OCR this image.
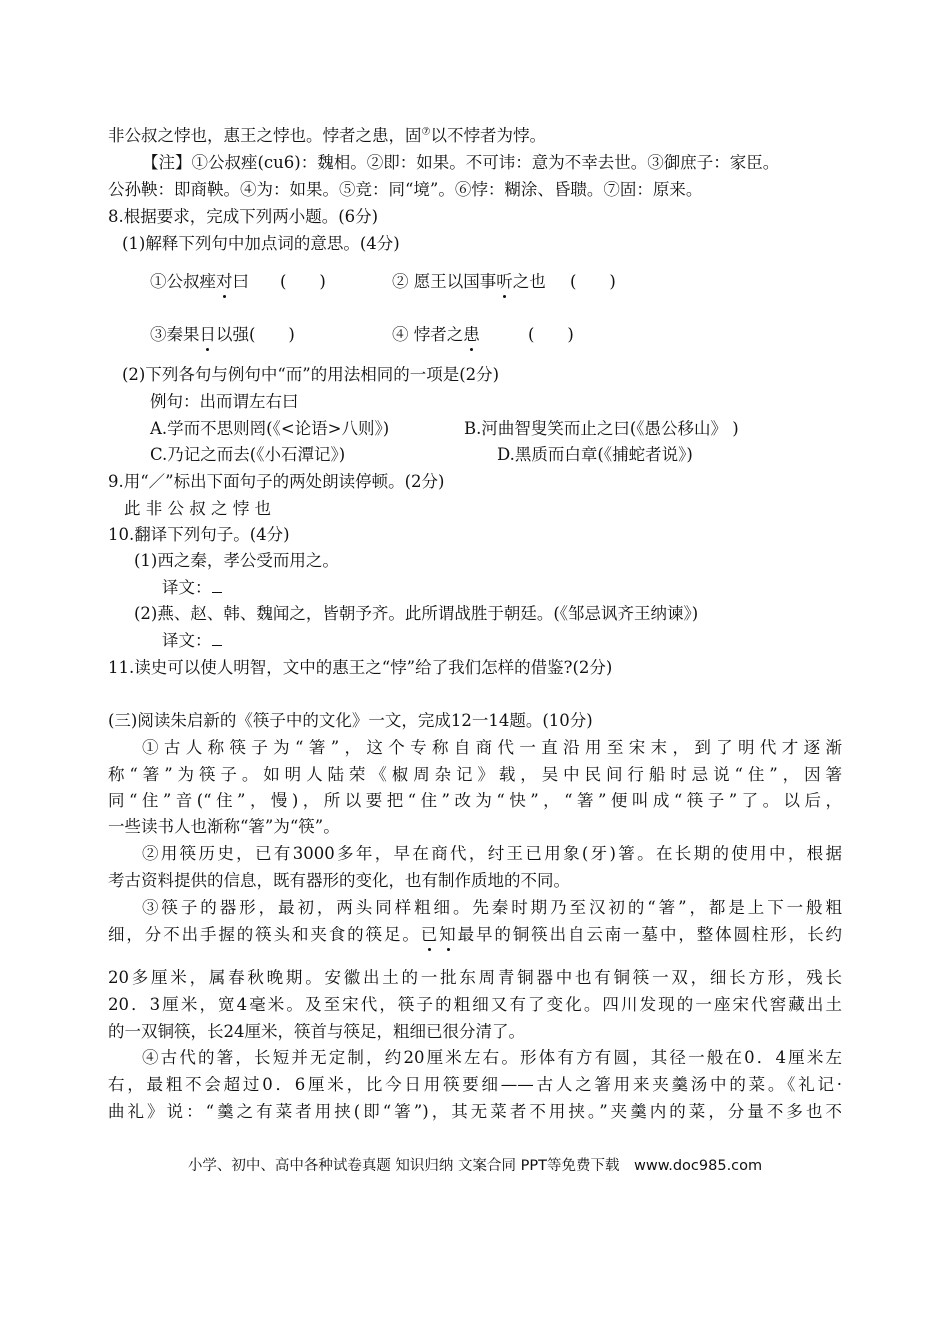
非公叔之悖也，惠王之悖也。悖者之患，固⑦以不悖者为悖。
【注】①公叔痤(cu6)：魏相。②即：如果。不可讳：意为不幸去世。③御庶子：家臣。
公孙鞅：即商鞅。④为：如果。⑤竞：同“境”。⑥悖：糊涂、昏聩。⑦固：原来。
8.根据要求，完成下列两小题。(6分)
(1)解释下列句中加点词的意思。(4分)
①公叔痤对曰 (　　)	② 愿王以国事听之也 (　　)
③秦果日以强(　　)	④ 悖者之患	(　　)
(2)下列各句与例句中“而”的用法相同的一项是(2分)
例句：出而谓左右曰
A.学而不思则罔(《<论语>八则》)	B.河曲智叟笑而止之曰(《愚公移山》 )
C.乃记之而去(《小石潭记》)	D.黑质而白章(《捕蛇者说》)
9.用“／”标出下面句子的两处朗读停顿。(2分)
此 非 公 叔 之 悖 也
10.翻译下列句子。(4分)
(1)西之秦，孝公受而用之。
译文：
(2)燕、赵、韩、魏闻之，皆朝予齐。此所谓战胜于朝廷。(《邹忌讽齐王纳谏》)
译文：
11.读史可以使人明智，文中的惠王之“悖”给了我们怎样的借鉴?(2分)
(三)阅读朱启新的《筷子中的文化》一文，完成12一14题。(10分)
①古人称筷子为“箸”，这个专称自商代一直沿用至宋末，到了明代才逐渐
称“箸”为筷子。如明人陆荣《椒周杂记》载，吴中民间行船时忌说“住”，因箸
同“住”音(“住”，慢)，所以要把“住”改为“快”，“箸”便叫成“筷子”了。以后，
一些读书人也渐称“箸”为“筷”。
②用筷历史，已有3000多年，早在商代，纣王已用象(牙)箸。在长期的使用中，根据
考古资料提供的信息，既有器形的变化，也有制作质地的不同。
③筷子的器形，最初，两头同样粗细。先秦时期乃至汉初的“箸”，都是上下一般粗
细，分不出手握的筷头和夹食的筷足。已知最早的铜筷出自云南一墓中，整体圆柱形，长约
20多厘米，属春秋晚期。安徽出土的一批东周青铜器中也有铜筷一双，细长方形，残长
20．3厘米，宽4毫米。及至宋代，筷子的粗细又有了变化。四川发现的一座宋代窖藏出土
的一双铜筷，长24厘米，筷首与筷足，粗细已很分清了。
④古代的箸，长短并无定制，约20厘米左右。形体有方有圆，其径一般在0．4厘米左
右，最粗不会超过0．6厘米，比今日用筷要细——古人之箸用来夹羹汤中的菜。《礼记·
曲礼》说：“羹之有菜者用挟(即“箸”)，其无菜者不用挟。”夹羹内的菜，分量不多也不
小学、初中、高中各种试卷真题 知识归纳 文案合同 PPT等免费下载　www.doc985.com
